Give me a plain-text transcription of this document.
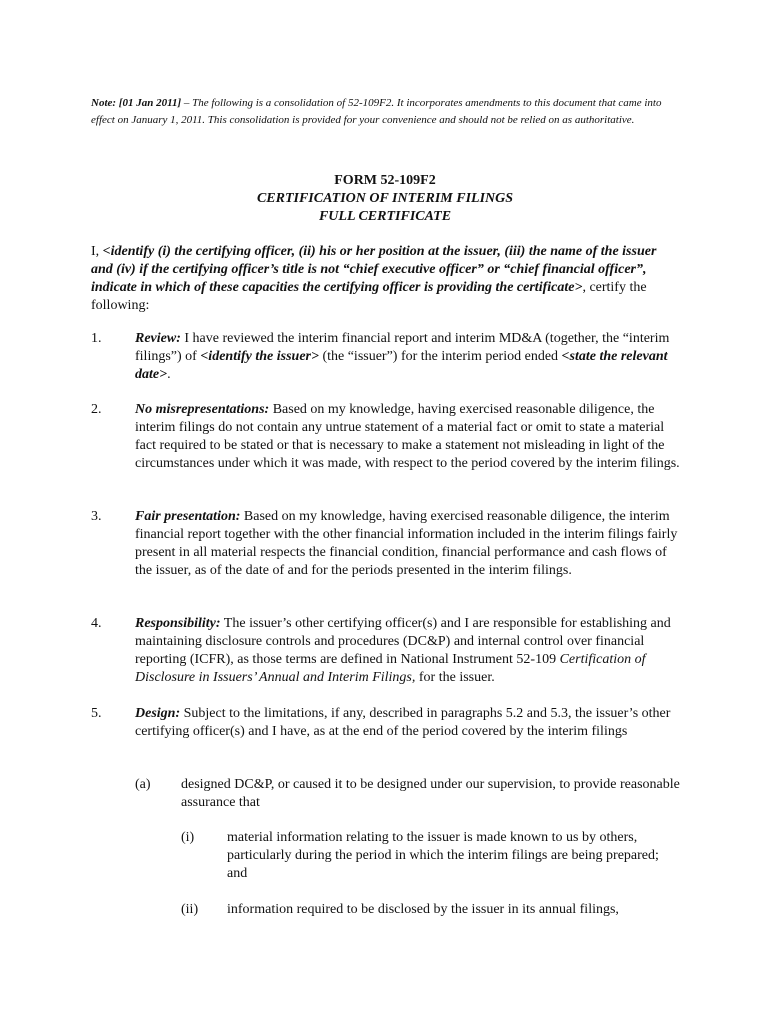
Note: [01 Jan 2011] – The following is a consolidation of 52-109F2. It incorporates amendments to this document that came into effect on January 1, 2011. This consolidation is provided for your convenience and should not be relied on as authoritative.
FORM 52-109F2
CERTIFICATION OF INTERIM FILINGS
FULL CERTIFICATE
I, <identify (i) the certifying officer, (ii) his or her position at the issuer, (iii) the name of the issuer and (iv) if the certifying officer’s title is not “chief executive officer” or “chief financial officer”, indicate in which of these capacities the certifying officer is providing the certificate>, certify the following:
1. Review: I have reviewed the interim financial report and interim MD&A (together, the “interim filings”) of <identify the issuer> (the “issuer”) for the interim period ended <state the relevant date>.
2. No misrepresentations: Based on my knowledge, having exercised reasonable diligence, the interim filings do not contain any untrue statement of a material fact or omit to state a material fact required to be stated or that is necessary to make a statement not misleading in light of the circumstances under which it was made, with respect to the period covered by the interim filings.
3. Fair presentation: Based on my knowledge, having exercised reasonable diligence, the interim financial report together with the other financial information included in the interim filings fairly present in all material respects the financial condition, financial performance and cash flows of the issuer, as of the date of and for the periods presented in the interim filings.
4. Responsibility: The issuer’s other certifying officer(s) and I are responsible for establishing and maintaining disclosure controls and procedures (DC&P) and internal control over financial reporting (ICFR), as those terms are defined in National Instrument 52-109 Certification of Disclosure in Issuers’ Annual and Interim Filings, for the issuer.
5. Design: Subject to the limitations, if any, described in paragraphs 5.2 and 5.3, the issuer’s other certifying officer(s) and I have, as at the end of the period covered by the interim filings
(a) designed DC&P, or caused it to be designed under our supervision, to provide reasonable assurance that
(i) material information relating to the issuer is made known to us by others, particularly during the period in which the interim filings are being prepared; and
(ii) information required to be disclosed by the issuer in its annual filings,
